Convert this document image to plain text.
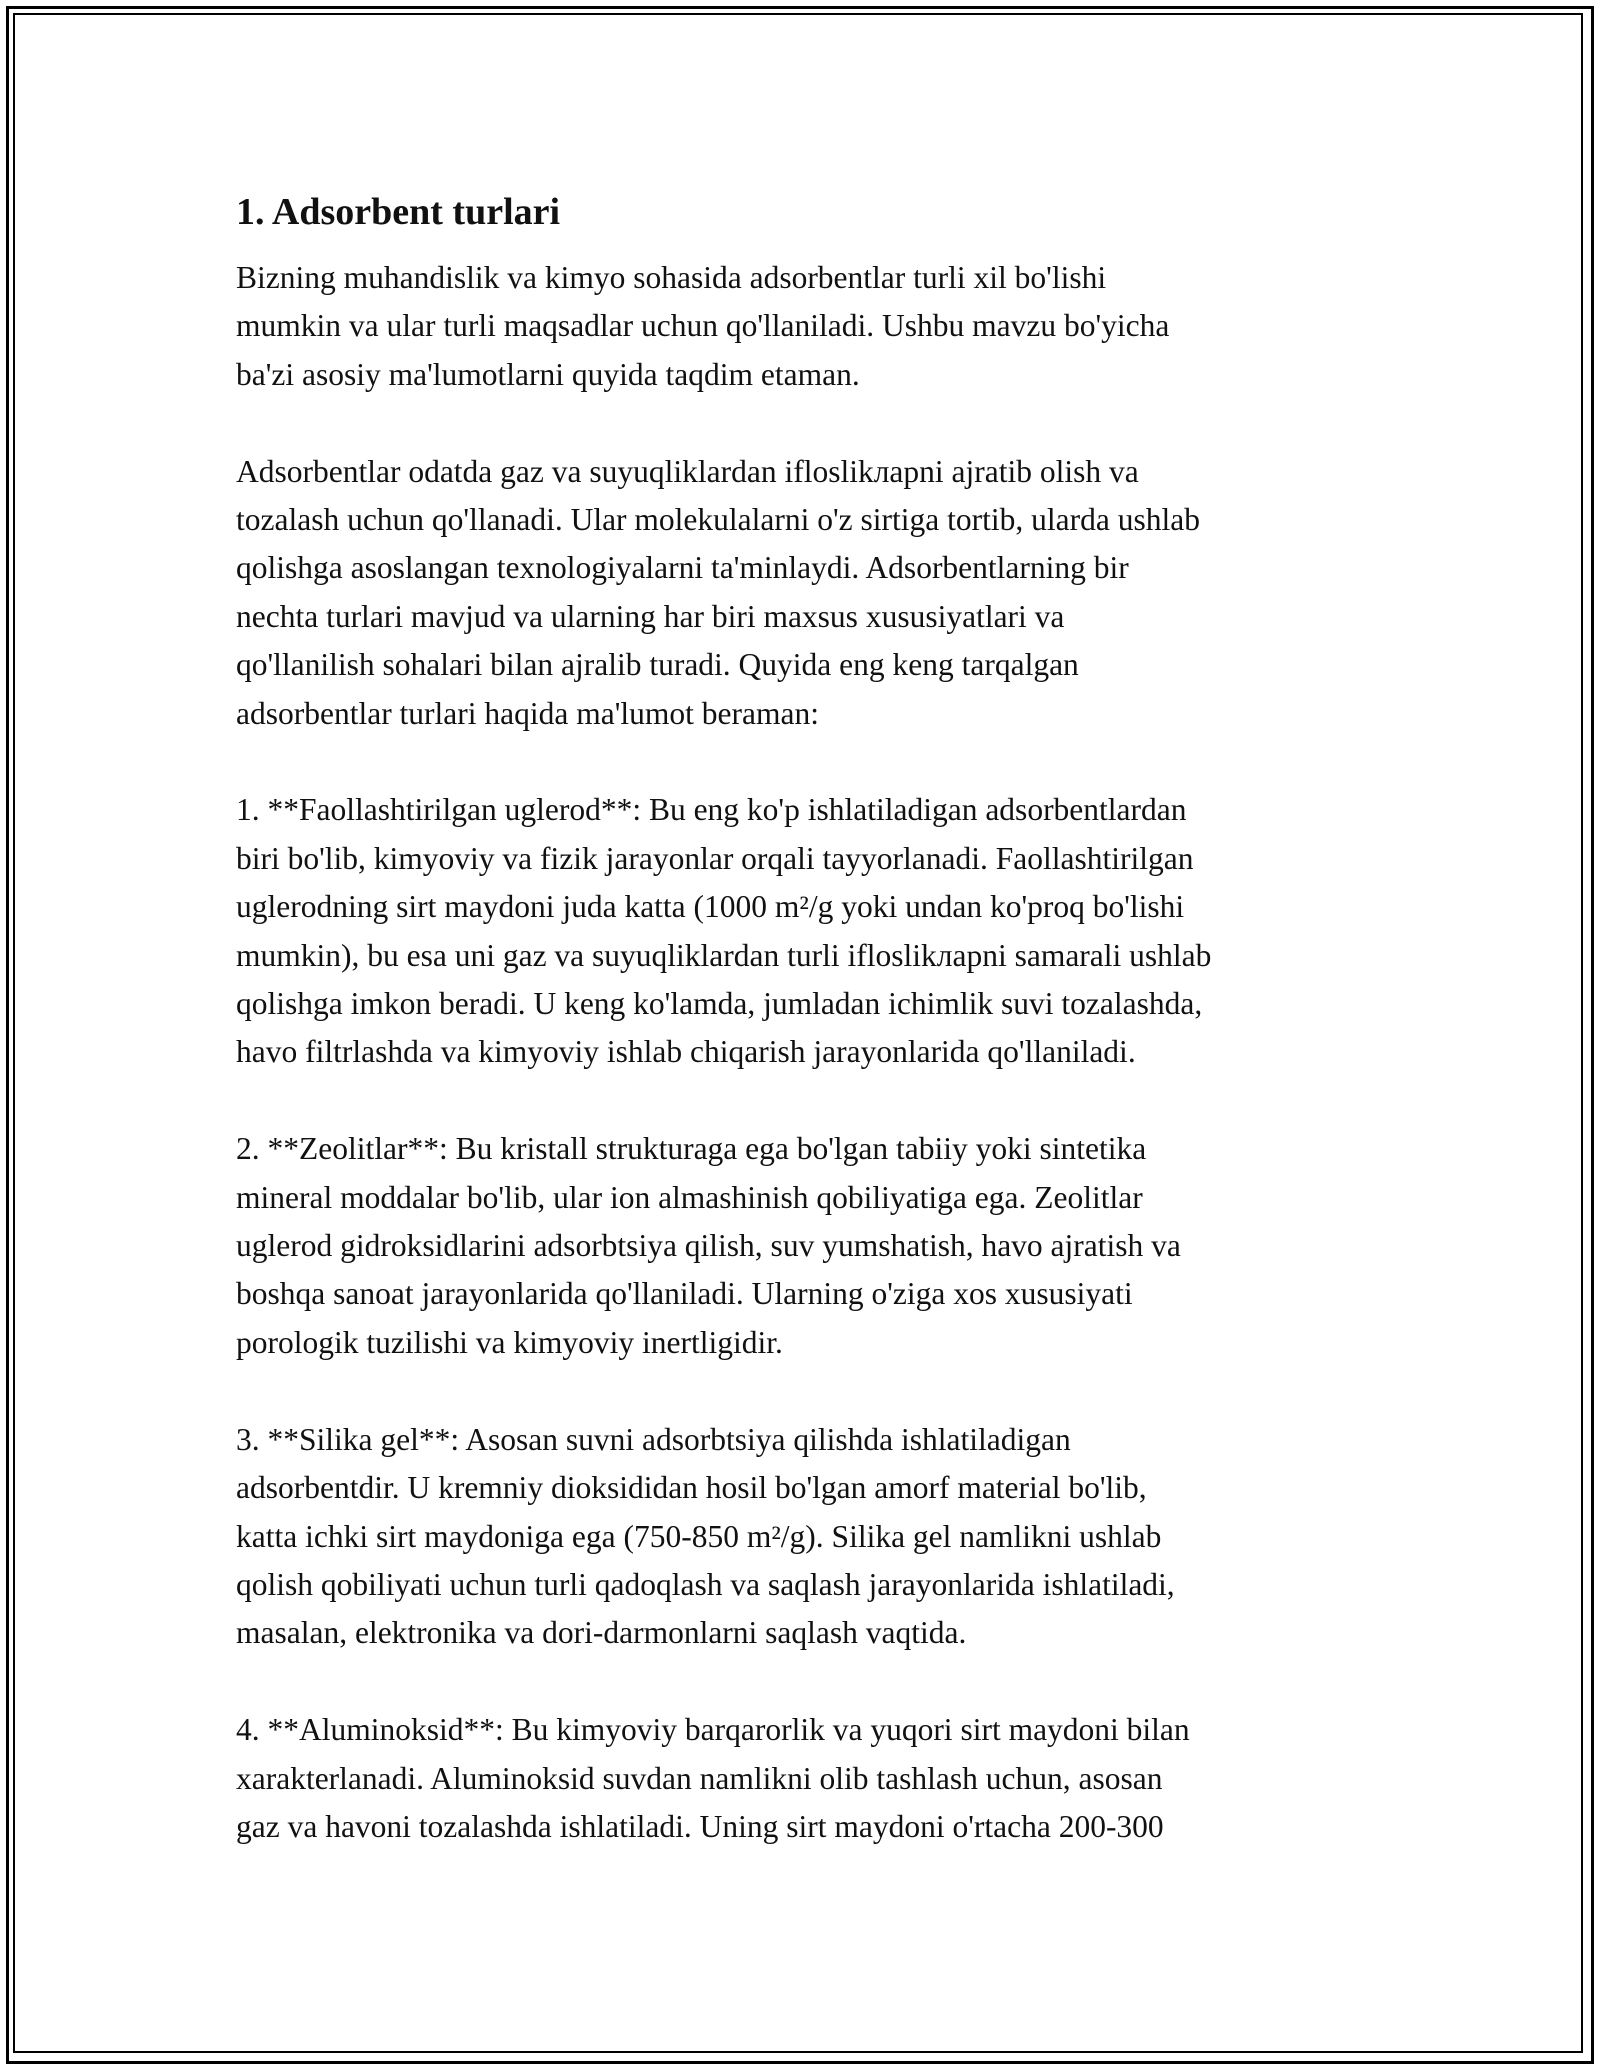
1. Adsorbent turlari
Bizning muhandislik va kimyo sohasida adsorbentlar turli xil bo'lishi
mumkin va ular turli maqsadlar uchun qo'llaniladi. Ushbu mavzu bo'yicha
ba'zi asosiy ma'lumotlarni quyida taqdim etaman.
Adsorbentlar odatda gaz va suyuqliklardan ifloslikларni ajratib olish va
tozalash uchun qo'llanadi. Ular molekulalarni o'z sirtiga tortib, ularda ushlab
qolishga asoslangan texnologiyalarni ta'minlaydi. Adsorbentlarning bir
nechta turlari mavjud va ularning har biri maxsus xususiyatlari va
qo'llanilish sohalari bilan ajralib turadi. Quyida eng keng tarqalgan
adsorbentlar turlari haqida ma'lumot beraman:
1. **Faollashtirilgan uglerod**: Bu eng ko'p ishlatiladigan adsorbentlardan
biri bo'lib, kimyoviy va fizik jarayonlar orqali tayyorlanadi. Faollashtirilgan
uglerodning sirt maydoni juda katta (1000 m²/g yoki undan ko'proq bo'lishi
mumkin), bu esa uni gaz va suyuqliklardan turli ifloslikларni samarali ushlab
qolishga imkon beradi. U keng ko'lamda, jumladan ichimlik suvi tozalashda,
havo filtrlashda va kimyoviy ishlab chiqarish jarayonlarida qo'llaniladi.
2. **Zeolitlar**: Bu kristall strukturaga ega bo'lgan tabiiy yoki sintetika
mineral moddalar bo'lib, ular ion almashinish qobiliyatiga ega. Zeolitlar
uglerod gidroksidlarini adsorbtsiya qilish, suv yumshatish, havo ajratish va
boshqa sanoat jarayonlarida qo'llaniladi. Ularning o'ziga xos xususiyati
porologik tuzilishi va kimyoviy inertligidir.
3. **Silika gel**: Asosan suvni adsorbtsiya qilishda ishlatiladigan
adsorbentdir. U kremniy dioksididan hosil bo'lgan amorf material bo'lib,
katta ichki sirt maydoniga ega (750-850 m²/g). Silika gel namlikni ushlab
qolish qobiliyati uchun turli qadoqlash va saqlash jarayonlarida ishlatiladi,
masalan, elektronika va dori-darmonlarni saqlash vaqtida.
4. **Aluminoksid**: Bu kimyoviy barqarorlik va yuqori sirt maydoni bilan
xarakterlanadi. Aluminoksid suvdan namlikni olib tashlash uchun, asosan
gaz va havoni tozalashda ishlatiladi. Uning sirt maydoni o'rtacha 200-300
